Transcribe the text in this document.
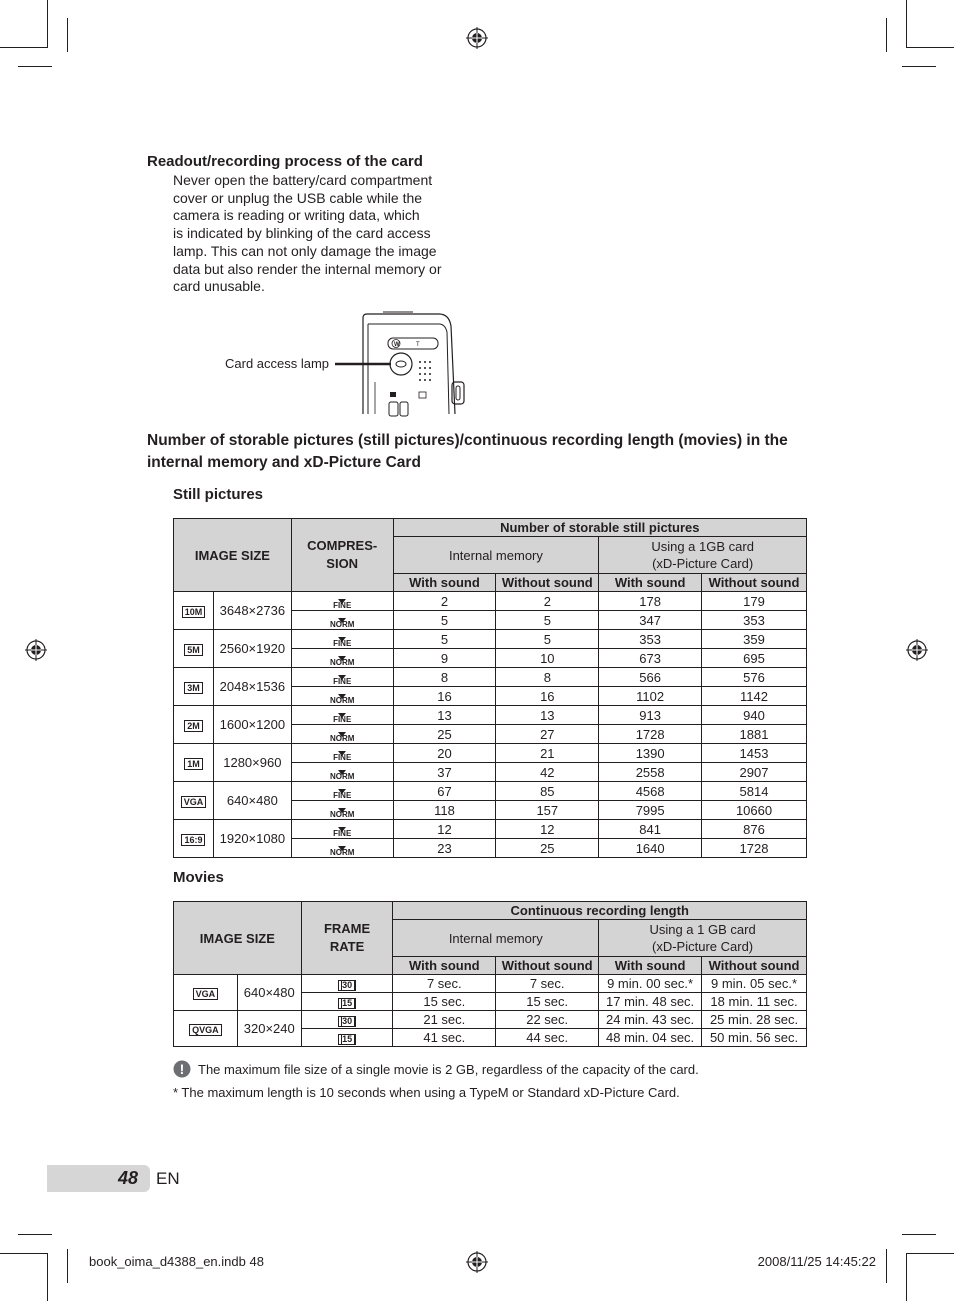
Readout/recording process of the card
Never open the battery/card compartment
cover or unplug the USB cable while the
camera is reading or writing data, which
is indicated by blinking of the card access
lamp. This can not only damage the image
data but also render the internal memory or
card unusable.
Card access lamp
W	T
Number of storable pictures (still pictures)/continuous recording length (movies) in the internal memory and xD-Picture Card
Still pictures
IMAGE SIZE		COMPRES-
SION	Number of storable still pictures			
			Internal memory		Using a 1GB card
(xD-Picture Card)	
			With sound	Without sound	With sound	Without sound
10M	3648×2736	FINE	2	2	178	179

		NORM	5	5	347	353
5M	2560×1920	FINE	5	5	353	359

		NORM	9	10	673	695
3M	2048×1536	FINE	8	8	566	576

		NORM	16	16	1102	1142
2M	1600×1200	FINE	13	13	913	940

		NORM	25	27	1728	1881
1M	1280×960	FINE	20	21	1390	1453

		NORM	37	42	2558	2907
VGA	640×480	FINE	67	85	4568	5814

		NORM	118	157	7995	10660
16:9	1920×1080	FINE	12	12	841	876

		NORM	23	25	1640	1728
Movies
IMAGE SIZE		FRAME
RATE	Continuous recording length			
			Internal memory		Using a 1 GB card
(xD-Picture Card)	
			With sound	Without sound	With sound	Without sound
VGA	640×480	30	7 sec.	7 sec.	9 min. 00 sec.*	9 min. 05 sec.*
		15	15 sec.	15 sec.	17 min. 48 sec.	18 min. 11 sec.
QVGA	320×240	30	21 sec.	22 sec.	24 min. 43 sec.	25 min. 28 sec.
		15	41 sec.	44 sec.	48 min. 04 sec.	50 min. 56 sec.
! The maximum file size of a single movie is 2 GB, regardless of the capacity of the card.
* The maximum length is 10 seconds when using a TypeM or Standard xD-Picture Card.
48 EN
book_oima_d4388_en.indb 48	2008/11/25 14:45:22
